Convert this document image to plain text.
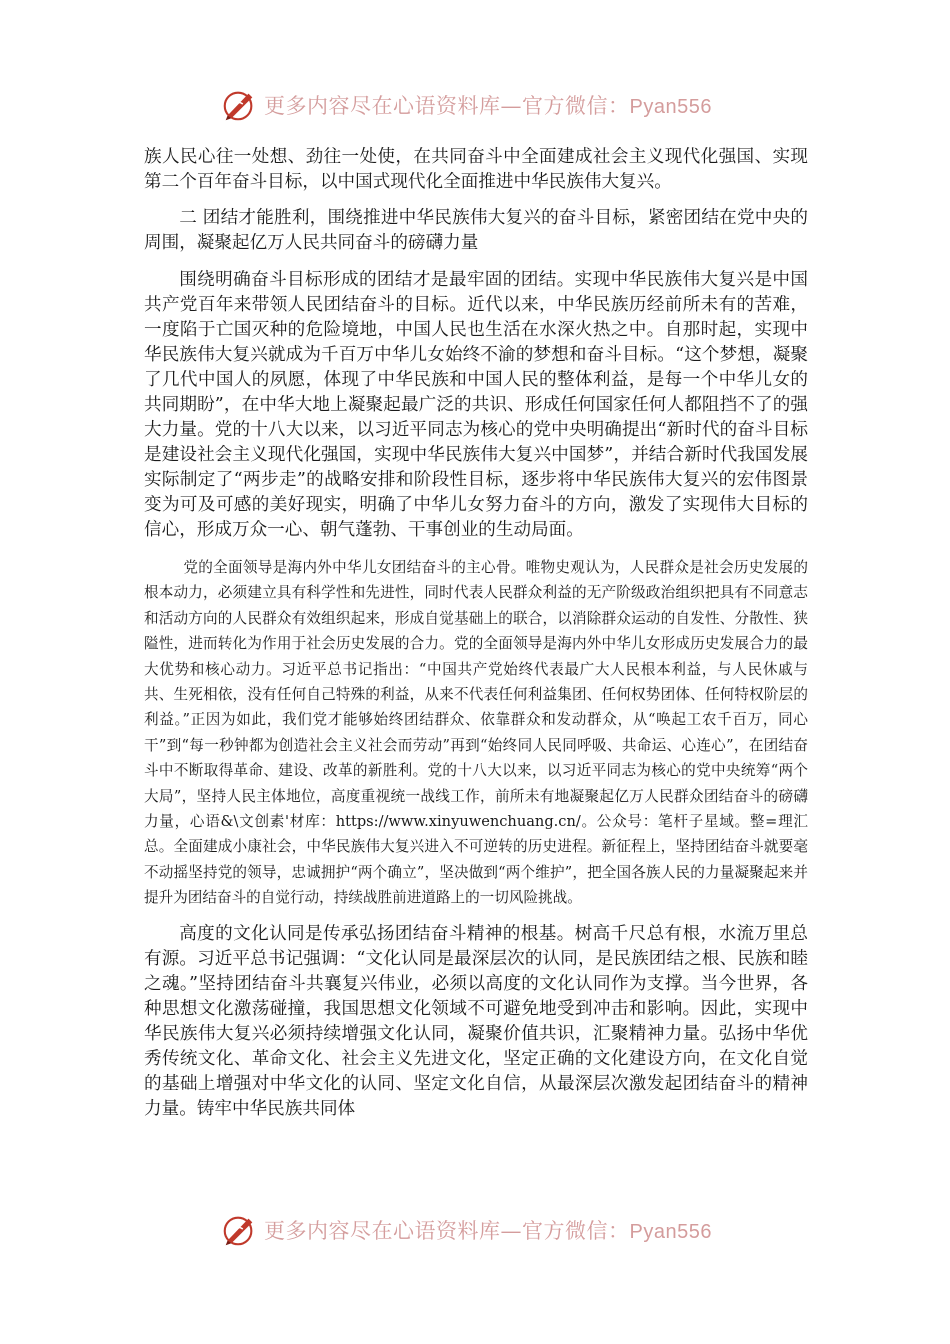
更多内容尽在心语资料库—官方微信：Pyan556

族人民心往一处想、劲往一处使，在共同奋斗中全面建成社会主义现代化强国、实现第二个百年奋斗目标，以中国式现代化全面推进中华民族伟大复兴。

二 团结才能胜利，围绕推进中华民族伟大复兴的奋斗目标，紧密团结在党中央的周围，凝聚起亿万人民共同奋斗的磅礴力量

围绕明确奋斗目标形成的团结才是最牢固的团结。实现中华民族伟大复兴是中国共产党百年来带领人民团结奋斗的目标。近代以来，中华民族历经前所未有的苦难，一度陷于亡国灭种的危险境地，中国人民也生活在水深火热之中。自那时起，实现中华民族伟大复兴就成为千百万中华儿女始终不渝的梦想和奋斗目标。“这个梦想，凝聚了几代中国人的夙愿，体现了中华民族和中国人民的整体利益，是每一个中华儿女的共同期盼”，在中华大地上凝聚起最广泛的共识、形成任何国家任何人都阻挡不了的强大力量。党的十八大以来，以习近平同志为核心的党中央明确提出“新时代的奋斗目标是建设社会主义现代化强国，实现中华民族伟大复兴中国梦”，并结合新时代我国发展实际制定了“两步走”的战略安排和阶段性目标，逐步将中华民族伟大复兴的宏伟图景变为可及可感的美好现实，明确了中华儿女努力奋斗的方向，激发了实现伟大目标的信心，形成万众一心、朝气蓬勃、干事创业的生动局面。

党的全面领导是海内外中华儿女团结奋斗的主心骨。唯物史观认为，人民群众是社会历史发展的根本动力，必须建立具有科学性和先进性，同时代表人民群众利益的无产阶级政治组织把具有不同意志和活动方向的人民群众有效组织起来，形成自觉基础上的联合，以消除群众运动的自发性、分散性、狭隘性，进而转化为作用于社会历史发展的合力。党的全面领导是海内外中华儿女形成历史发展合力的最大优势和核心动力。习近平总书记指出：“中国共产党始终代表最广大人民根本利益，与人民休戚与共、生死相依，没有任何自己特殊的利益，从来不代表任何利益集团、任何权势团体、任何特权阶层的利益。”正因为如此，我们党才能够始终团结群众、依靠群众和发动群众，从“唤起工农千百万，同心干”到“每一秒钟都为创造社会主义社会而劳动”再到“始终同人民同呼吸、共命运、心连心”，在团结奋斗中不断取得革命、建设、改革的新胜利。党的十八大以来，以习近平同志为核心的党中央统筹“两个大局”，坚持人民主体地位，高度重视统一战线工作，前所未有地凝聚起亿万人民群众团结奋斗的磅礴力量，心语&\文创素'材库：https://www.xinyuwenchuang.cn/。公众号：笔杆子星域。整=理汇总。全面建成小康社会，中华民族伟大复兴进入不可逆转的历史进程。新征程上，坚持团结奋斗就要毫不动摇坚持党的领导，忠诚拥护“两个确立”，坚决做到“两个维护”，把全国各族人民的力量凝聚起来并提升为团结奋斗的自觉行动，持续战胜前进道路上的一切风险挑战。

高度的文化认同是传承弘扬团结奋斗精神的根基。树高千尺总有根，水流万里总有源。习近平总书记强调：“文化认同是最深层次的认同，是民族团结之根、民族和睦之魂。”坚持团结奋斗共襄复兴伟业，必须以高度的文化认同作为支撑。当今世界，各种思想文化激荡碰撞，我国思想文化领域不可避免地受到冲击和影响。因此，实现中华民族伟大复兴必须持续增强文化认同，凝聚价值共识，汇聚精神力量。弘扬中华优秀传统文化、革命文化、社会主义先进文化，坚定正确的文化建设方向，在文化自觉的基础上增强对中华文化的认同、坚定文化自信，从最深层次激发起团结奋斗的精神力量。铸牢中华民族共同体

更多内容尽在心语资料库—官方微信：Pyan556
